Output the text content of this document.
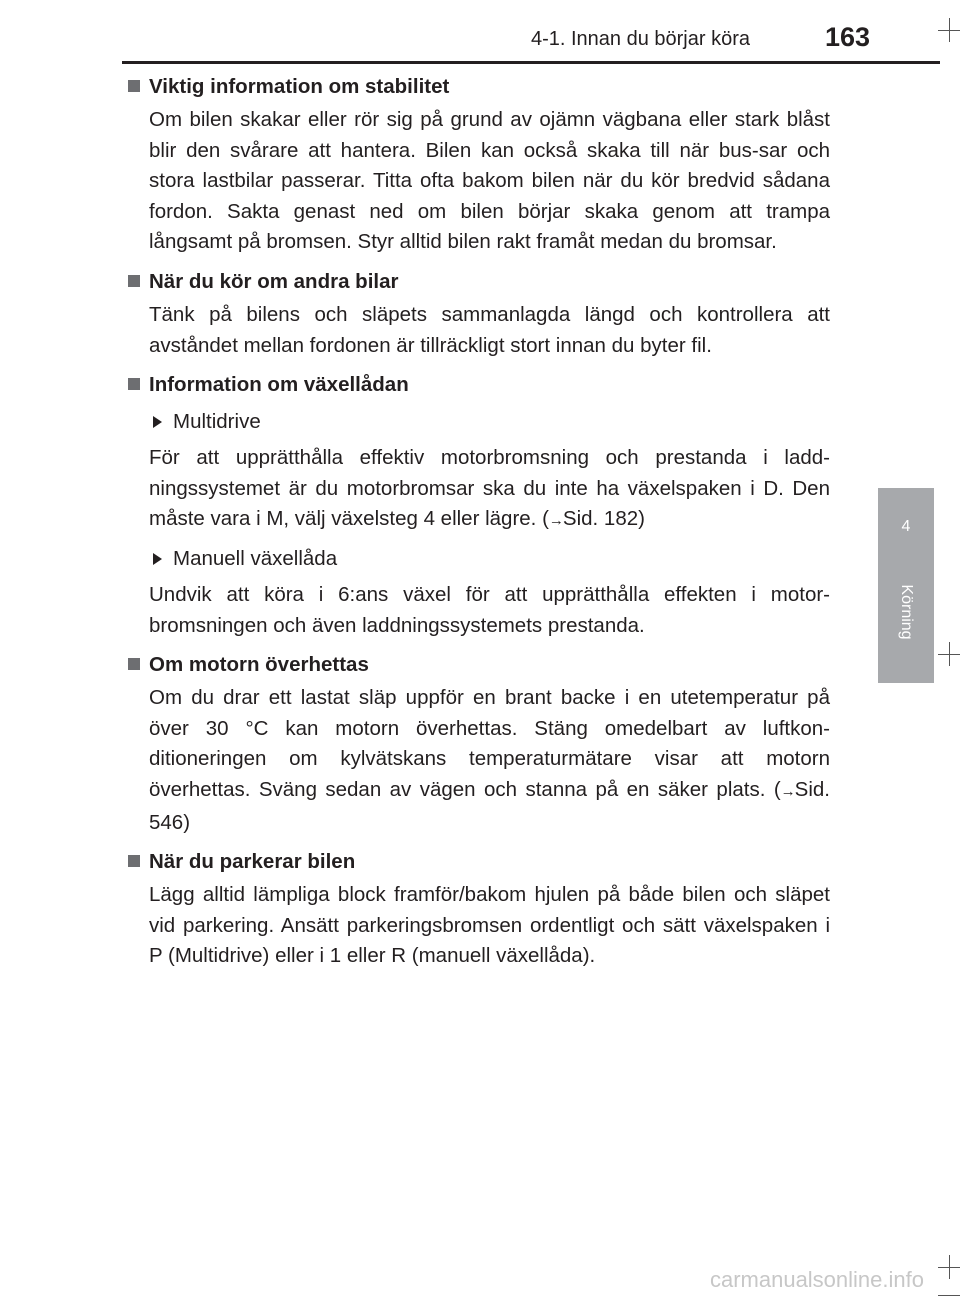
4-1. Innan du börjar köra	163
4
Körning
Viktig information om stabilitet

Om bilen skakar eller rör sig på grund av ojämn vägbana eller stark blåst blir den svårare att hantera. Bilen kan också skaka till när bus-sar och stora lastbilar passerar. Titta ofta bakom bilen när du kör bredvid sådana fordon. Sakta genast ned om bilen börjar skaka genom att trampa långsamt på bromsen. Styr alltid bilen rakt framåt medan du bromsar.

När du kör om andra bilar

Tänk på bilens och släpets sammanlagda längd och kontrollera att avståndet mellan fordonen är tillräckligt stort innan du byter fil.

Information om växellådan
Multidrive

För att upprätthålla effektiv motorbromsning och prestanda i ladd-ningssystemet är du motorbromsar ska du inte ha växelspaken i D. Den måste vara i M, välj växelsteg 4 eller lägre. (→Sid. 182)

Manuell växellåda

Undvik att köra i 6:ans växel för att upprätthålla effekten i motor-bromsningen och även laddningssystemets prestanda.

Om motorn överhettas

Om du drar ett lastat släp uppför en brant backe i en utetemperatur på över 30 °C kan motorn överhettas. Stäng omedelbart av luftkon-ditioneringen om kylvätskans temperaturmätare visar att motorn överhettas. Sväng sedan av vägen och stanna på en säker plats. (→Sid. 546)

När du parkerar bilen

Lägg alltid lämpliga block framför/bakom hjulen på både bilen och släpet vid parkering. Ansätt parkeringsbromsen ordentligt och sätt växelspaken i P (Multidrive) eller i 1 eller R (manuell växellåda).

carmanualsonline.info
